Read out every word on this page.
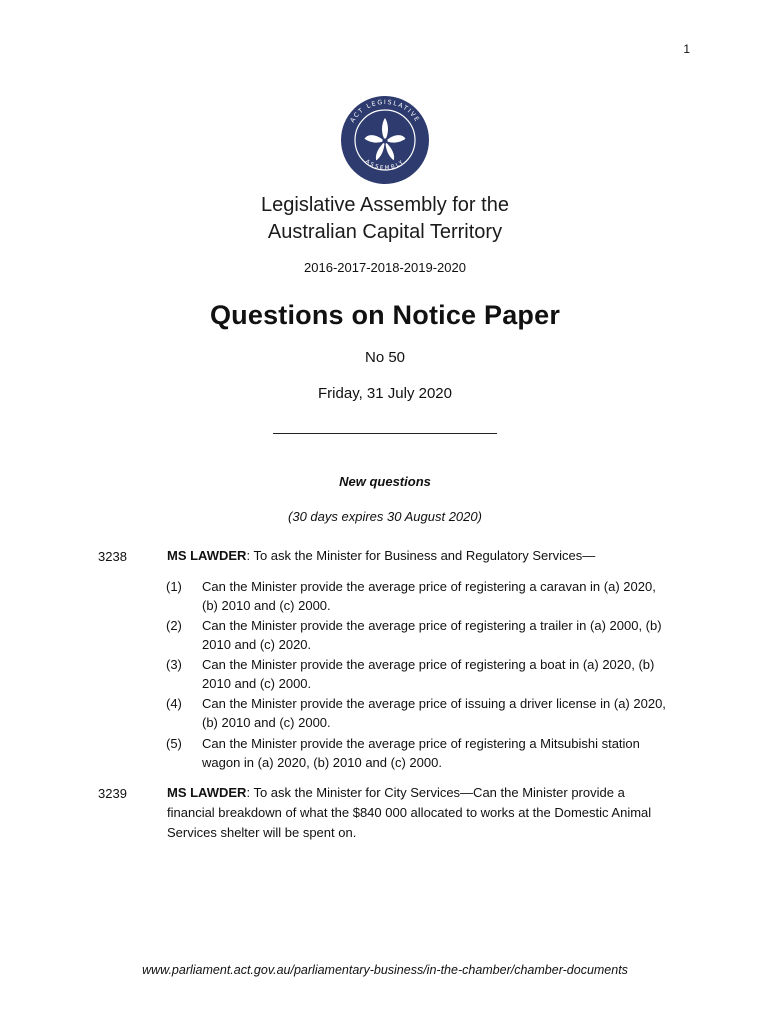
1
ACT LEGISLATIVE
ASSEMBLY
Legislative Assembly for the
Australian Capital Territory
2016-2017-2018-2019-2020
Questions on Notice Paper
No 50
Friday, 31 July 2020
New questions
(30 days expires 30 August 2020)
3238	MS LAWDER: To ask the Minister for Business and Regulatory Services—
(1) Can the Minister provide the average price of registering a caravan in (a) 2020, (b) 2010 and (c) 2000.
(2) Can the Minister provide the average price of registering a trailer in (a) 2000, (b) 2010 and (c) 2020.
(3) Can the Minister provide the average price of registering a boat in (a) 2020, (b) 2010 and (c) 2000.
(4) Can the Minister provide the average price of issuing a driver license in (a) 2020, (b) 2010 and (c) 2000.
(5) Can the Minister provide the average price of registering a Mitsubishi station wagon in (a) 2020, (b) 2010 and (c) 2000.
3239	MS LAWDER: To ask the Minister for City Services—Can the Minister provide a financial breakdown of what the $840 000 allocated to works at the Domestic Animal Services shelter will be spent on.
www.parliament.act.gov.au/parliamentary-business/in-the-chamber/chamber-documents
